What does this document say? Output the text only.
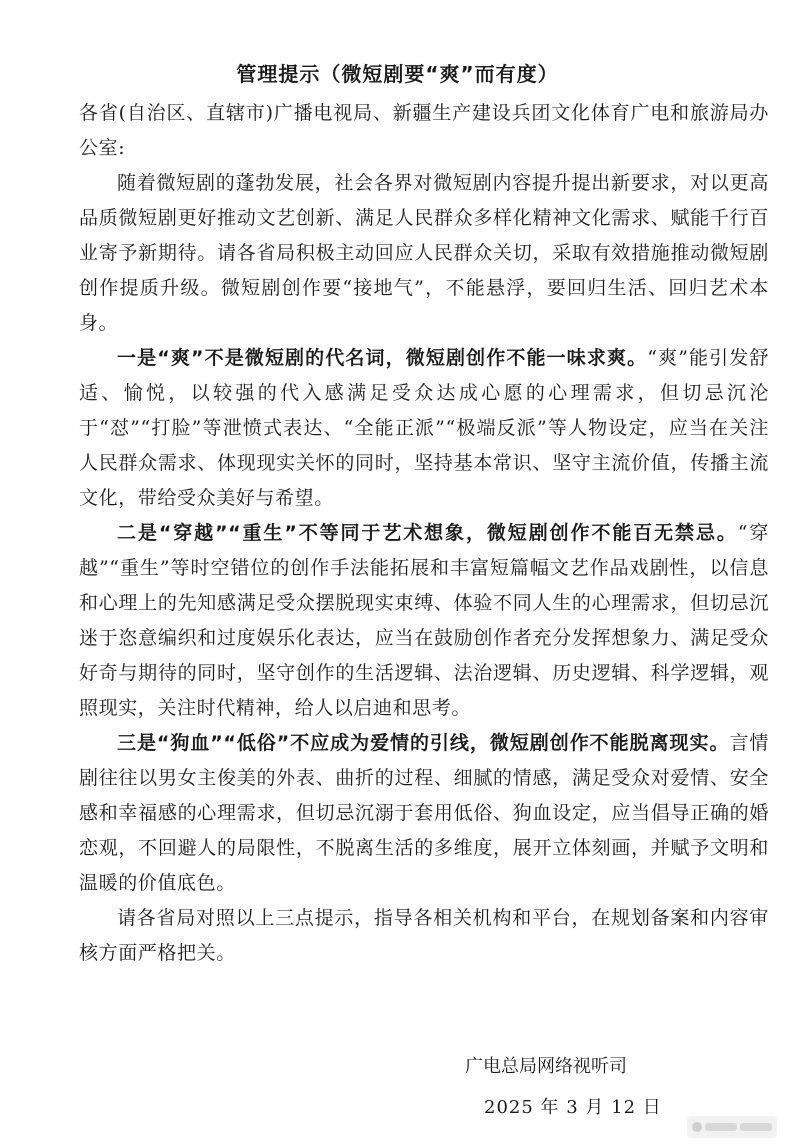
管理提示（微短剧要“爽”而有度）

各省(自治区、直辖市)广播电视局、新疆生产建设兵团文化体育广电和旅游局办公室:

随着微短剧的蓬勃发展，社会各界对微短剧内容提升提出新要求，对以更高品质微短剧更好推动文艺创新、满足人民群众多样化精神文化需求、赋能千行百业寄予新期待。请各省局积极主动回应人民群众关切，采取有效措施推动微短剧创作提质升级。微短剧创作要“接地气”，不能悬浮，要回归生活、回归艺术本身。

一是“爽”不是微短剧的代名词，微短剧创作不能一味求爽。“爽”能引发舒适、愉悦，以较强的代入感满足受众达成心愿的心理需求，但切忌沉沦于“怼”“打脸”等泄愤式表达、“全能正派”“极端反派”等人物设定，应当在关注人民群众需求、体现现实关怀的同时，坚持基本常识、坚守主流价值，传播主流文化，带给受众美好与希望。

二是“穿越”“重生”不等同于艺术想象，微短剧创作不能百无禁忌。“穿越”“重生”等时空错位的创作手法能拓展和丰富短篇幅文艺作品戏剧性，以信息和心理上的先知感满足受众摆脱现实束缚、体验不同人生的心理需求，但切忌沉迷于恣意编织和过度娱乐化表达，应当在鼓励创作者充分发挥想象力、满足受众好奇与期待的同时，坚守创作的生活逻辑、法治逻辑、历史逻辑、科学逻辑，观照现实，关注时代精神，给人以启迪和思考。

三是“狗血”“低俗”不应成为爱情的引线，微短剧创作不能脱离现实。言情剧往往以男女主俊美的外表、曲折的过程、细腻的情感，满足受众对爱情、安全感和幸福感的心理需求，但切忌沉溺于套用低俗、狗血设定，应当倡导正确的婚恋观，不回避人的局限性，不脱离生活的多维度，展开立体刻画，并赋予文明和温暖的价值底色。

请各省局对照以上三点提示，指导各相关机构和平台，在规划备案和内容审核方面严格把关。

广电总局网络视听司
2025 年 3 月 12 日
